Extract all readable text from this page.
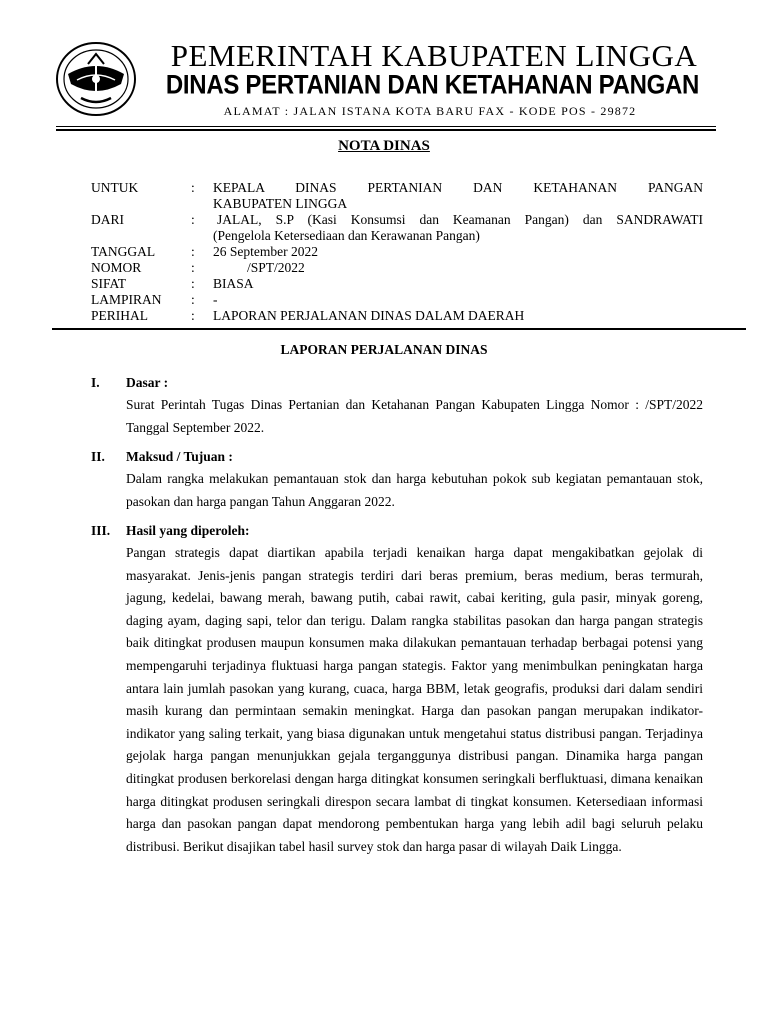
PEMERINTAH KABUPATEN LINGGA
DINAS PERTANIAN DAN KETAHANAN PANGAN
ALAMAT : JALAN ISTANA KOTA BARU FAX - KODE POS - 29872
NOTA DINAS
UNTUK	:	KEPALA DINAS PERTANIAN DAN KETAHANAN PANGAN
KABUPATEN LINGGA
DARI	:	JALAL, S.P (Kasi Konsumsi dan Keamanan Pangan) dan SANDRAWATI
(Pengelola Ketersediaan dan Kerawanan Pangan)
TANGGAL	:	26 September 2022
NOMOR	:	/SPT/2022
SIFAT	:	BIASA
LAMPIRAN	:	-
PERIHAL	:	LAPORAN PERJALANAN DINAS DALAM DAERAH
LAPORAN PERJALANAN DINAS
I. Dasar :
Surat Perintah Tugas Dinas Pertanian dan Ketahanan Pangan Kabupaten Lingga Nomor : /SPT/2022 Tanggal September 2022.
II. Maksud / Tujuan :
Dalam rangka melakukan pemantauan stok dan harga kebutuhan pokok sub kegiatan pemantauan stok, pasokan dan harga pangan Tahun Anggaran 2022.
III. Hasil yang diperoleh:
Pangan strategis dapat diartikan apabila terjadi kenaikan harga dapat mengakibatkan gejolak di masyarakat. Jenis-jenis pangan strategis terdiri dari beras premium, beras medium, beras termurah, jagung, kedelai, bawang merah, bawang putih, cabai rawit, cabai keriting, gula pasir, minyak goreng, daging ayam, daging sapi, telor dan terigu. Dalam rangka stabilitas pasokan dan harga pangan strategis baik ditingkat produsen maupun konsumen maka dilakukan pemantauan terhadap berbagai potensi yang mempengaruhi terjadinya fluktuasi harga pangan stategis. Faktor yang menimbulkan peningkatan harga antara lain jumlah pasokan yang kurang, cuaca, harga BBM, letak geografis, produksi dari dalam sendiri masih kurang dan permintaan semakin meningkat. Harga dan pasokan pangan merupakan indikator-indikator yang saling terkait, yang biasa digunakan untuk mengetahui status distribusi pangan. Terjadinya gejolak harga pangan menunjukkan gejala terganggunya distribusi pangan. Dinamika harga pangan ditingkat produsen berkorelasi dengan harga ditingkat konsumen seringkali berfluktuasi, dimana kenaikan harga ditingkat produsen seringkali direspon secara lambat di tingkat konsumen. Ketersediaan informasi harga dan pasokan pangan dapat mendorong pembentukan harga yang lebih adil bagi seluruh pelaku distribusi. Berikut disajikan tabel hasil survey stok dan harga pasar di wilayah Daik Lingga.
